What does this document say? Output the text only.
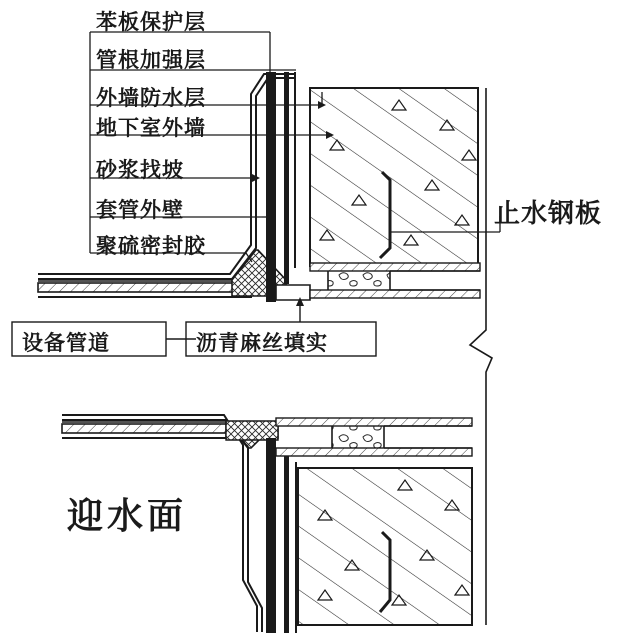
苯板保护层
管根加强层
外墙防水层
地下室外墙
砂浆找坡
套管外壁
聚硫密封胶
设备管道	沥青麻丝填实
止水钢板
迎水面
